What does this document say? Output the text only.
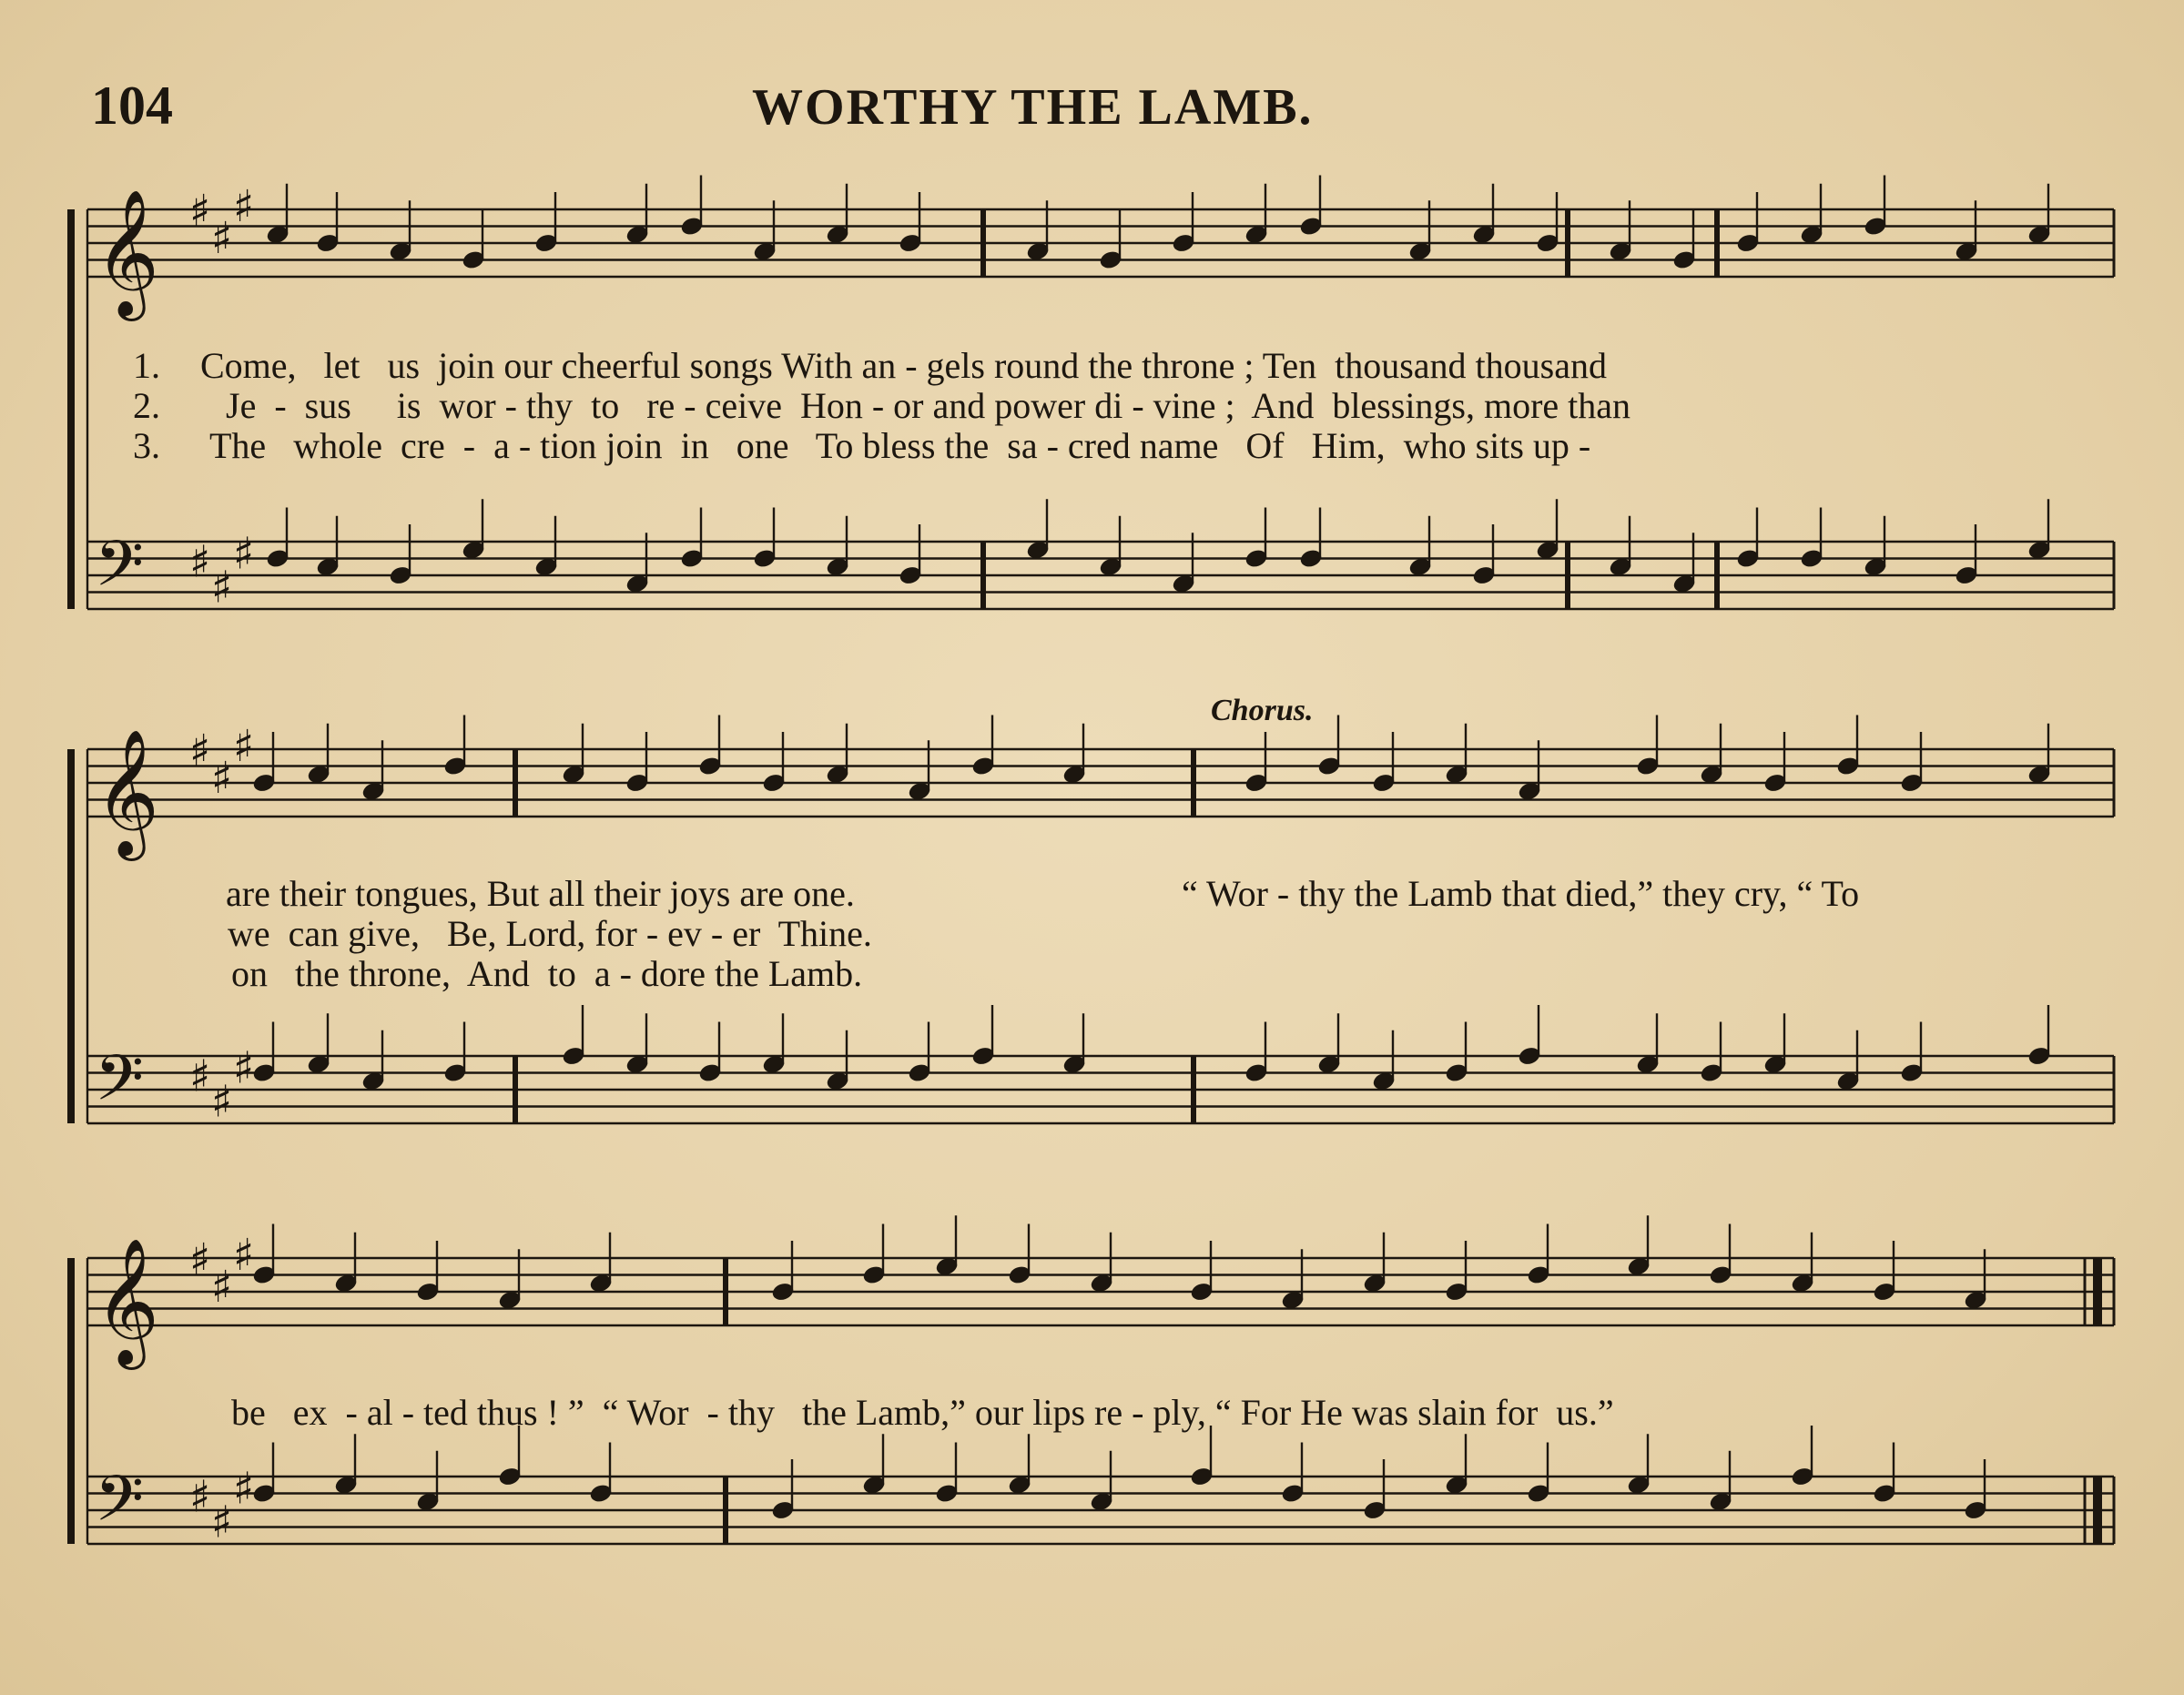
104	WORTHY THE LAMB.
𝄞 ♯
♯
♯
𝄢 ♯ ♯
♯
𝄞 ♯
♯
♯
𝄢 ♯ ♯
♯
𝄞 ♯
♯
♯
𝄢 ♯ ♯
♯
1. Come,   let   us  join our cheerful songs With an - gels round the throne ; Ten  thousand thousand
2. Je  -  sus     is  wor - thy  to   re - ceive  Hon - or and power di - vine ;  And  blessings, more than
3. The   whole  cre  -  a - tion join  in   one   To bless the  sa - cred name   Of   Him,  who sits up -
Chorus.
are their tongues, But all their joys are one.
we  can give,   Be, Lord, for - ev - er  Thine.
on   the throne,  And  to  a - dore the Lamb.
“ Wor - thy the Lamb that died,” they cry, “ To
be   ex  - al - ted thus ! ”  “ Wor  - thy   the Lamb,” our lips re - ply, “ For He was slain for  us.”
